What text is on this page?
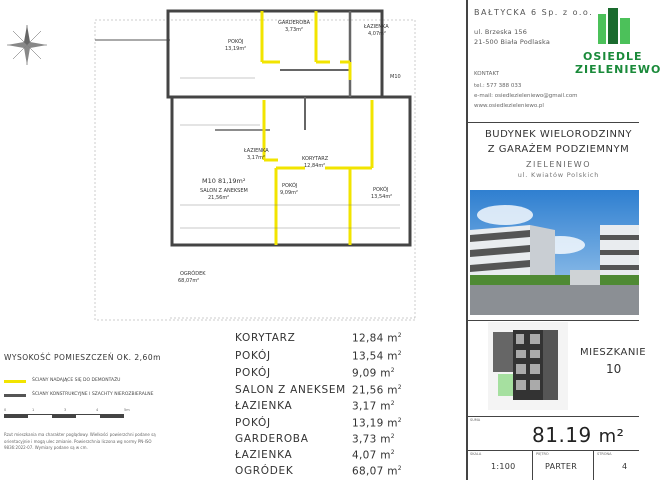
GARDEROBA
3,73m²	ŁAZIENKA
4,07m²
POKÓJ
13,19m²
M10
ŁAZIENKA
3,17m²	KORYTARZ
12,84m²
M10 81,19m²
SALON Z ANEKSEM
21,56m²
POKÓJ
9,09m²	POKÓJ
13,54m²
OGRÓDEK
68,07m²
BAŁTYCKA 6 Sp. z o.o.
ul. Brzeska 156
21-500 Biała Podlaska
KONTAKT
tel.: 577 388 033
e-mail: osiedlezieleniewo@gmail.com
www.osiedlezieleniewo.pl
OSIEDLE
ZIELENIEWO
BUDYNEK WIELORODZINNY
Z GARAŻEM PODZIEMNYM
ZIELENIEWO
ul. Kwiatów Polskich
MIESZKANIE
10
SUMA
81.19 m²
SKALA
1:100
PIĘTRO
PARTER
STRONA
4
KORYTARZ	12,84 $m^2$
POKÓJ	13,54 $m^2$
POKÓJ	9,09 $m^2$
SALON Z ANEKSEM 21,56 $m^2$
ŁAZIENKA	3,17 $m^2$
POKÓJ	13,19 $m^2$
GARDEROBA	3,73 $m^2$
ŁAZIENKA	4,07 $m^2$
OGRÓDEK	68,07 $m^2$
WYSOKOŚĆ POMIESZCZEŃ OK. 2,60m
ŚCIANY NADAJĄCE SIĘ DO DEMONTAŻU
ŚCIANY KONSTRUKCYJNE I SZACHTY NIEROZBIERALNE
0	1	3	4	5m
Rzut mieszkania ma charakter poglądowy. Wielkości powierzchni podane są orientacyjnie i mogą ulec zmianie. Powierzchnia liczona wg normy PN-ISO 9836:2022-07. Wymiary podane są w cm.
